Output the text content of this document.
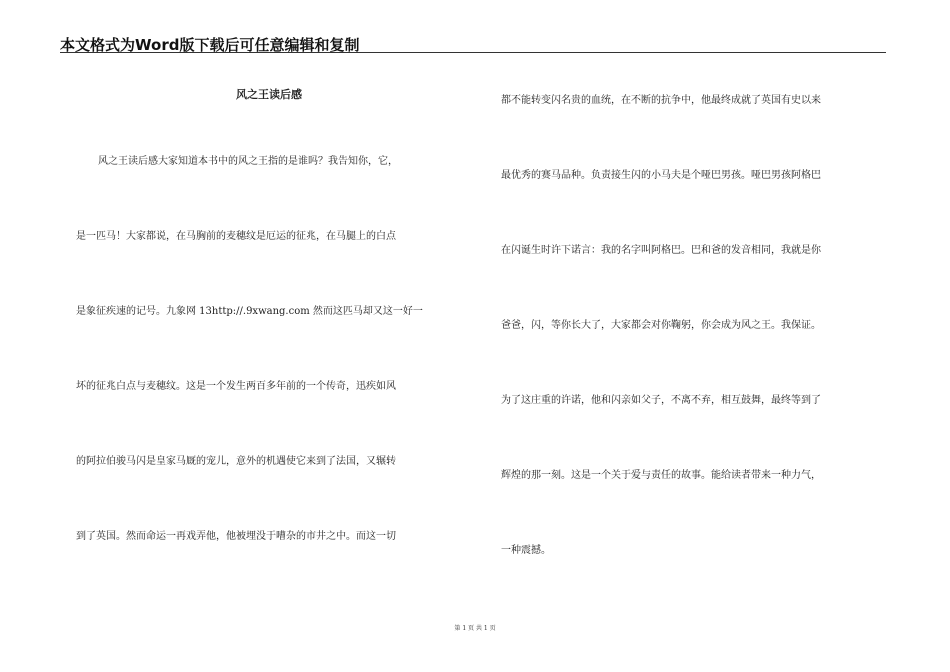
本文格式为Word版下载后可任意编辑和复制
风之王读后感
风之王读后感大家知道本书中的风之王指的是谁吗？我告知你，它，
是一匹马！大家都说，在马胸前的麦穗纹是厄运的征兆，在马腿上的白点
是象征疾速的记号。九象网 13http://.9xwang.com 然而这匹马却又这一好一
坏的征兆白点与麦穗纹。这是一个发生两百多年前的一个传奇，迅疾如风
的阿拉伯骏马闪是皇家马厩的宠儿，意外的机遇使它来到了法国，又辗转
到了英国。然而命运一再戏弄他，他被埋没于嘈杂的市井之中。而这一切
都不能转变闪名贵的血统，在不断的抗争中，他最终成就了英国有史以来
最优秀的赛马品种。负责接生闪的小马夫是个哑巴男孩。哑巴男孩阿格巴
在闪诞生时许下诺言：我的名字叫阿格巴。巴和爸的发音相同，我就是你
爸爸，闪，等你长大了，大家都会对你鞠躬，你会成为风之王。我保证。
为了这庄重的许诺，他和闪亲如父子，不离不弃，相互鼓舞，最终等到了
辉煌的那一刻。这是一个关于爱与责任的故事。能给读者带来一种力气，
一种震撼。
第 1 页 共 1 页
